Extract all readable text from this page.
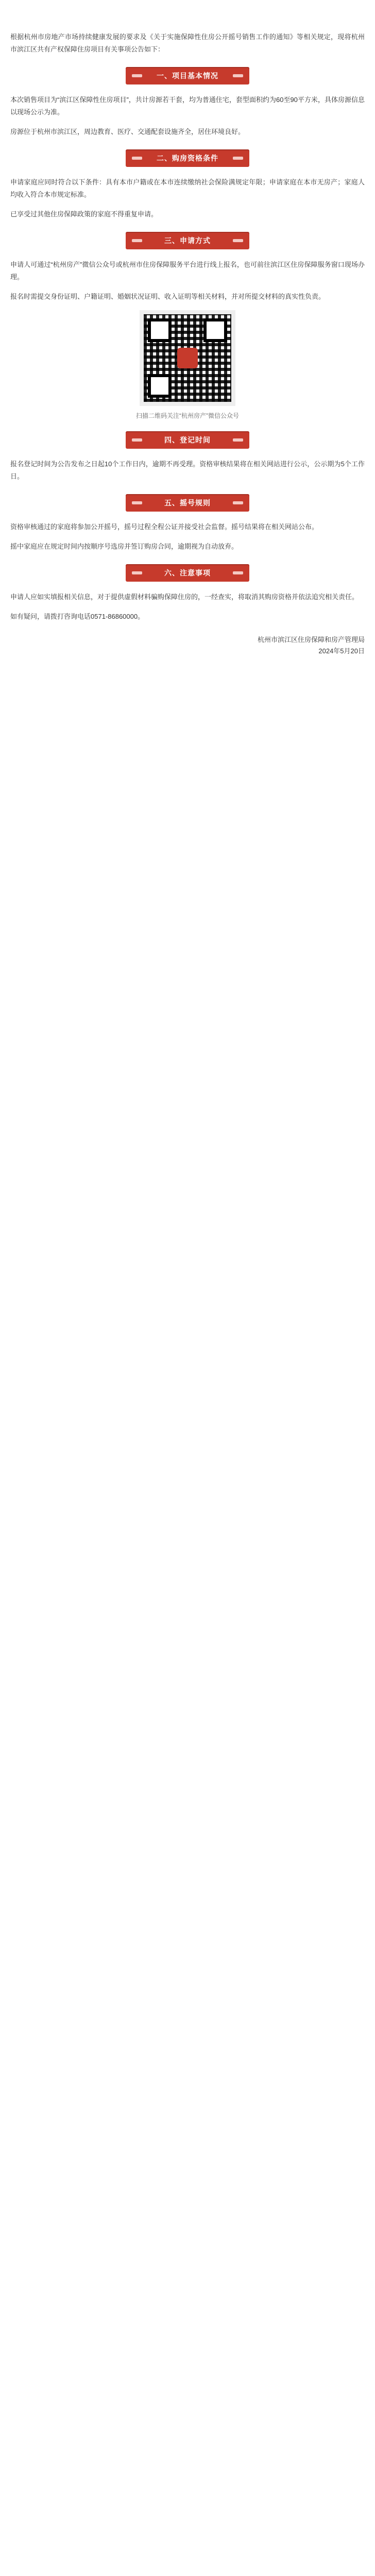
根据杭州市房地产市场持续健康发展的要求及《关于实施保障性住房公开摇号销售工作的通知》等相关规定，现将杭州市滨江区共有产权保障住房项目有关事项公告如下：

一、项目基本情况

本次销售项目为“滨江区保障性住房项目”，共计房源若干套，均为普通住宅，套型面积约为60至90平方米，具体房源信息以现场公示为准。

房源位于杭州市滨江区，周边教育、医疗、交通配套设施齐全，居住环境良好。

二、购房资格条件

申请家庭应同时符合以下条件：具有本市户籍或在本市连续缴纳社会保险满规定年限；申请家庭在本市无房产；家庭人均收入符合本市规定标准。

已享受过其他住房保障政策的家庭不得重复申请。

三、申请方式

申请人可通过“杭州房产”微信公众号或杭州市住房保障服务平台进行线上报名，也可前往滨江区住房保障服务窗口现场办理。

报名时需提交身份证明、户籍证明、婚姻状况证明、收入证明等相关材料，并对所提交材料的真实性负责。

扫描二维码关注“杭州房产”微信公众号
四、登记时间

报名登记时间为公告发布之日起10个工作日内，逾期不再受理。资格审核结果将在相关网站进行公示，公示期为5个工作日。

五、摇号规则

资格审核通过的家庭将参加公开摇号，摇号过程全程公证并接受社会监督。摇号结果将在相关网站公布。

摇中家庭应在规定时间内按顺序号选房并签订购房合同，逾期视为自动放弃。

六、注意事项

申请人应如实填报相关信息，对于提供虚假材料骗购保障住房的，一经查实，将取消其购房资格并依法追究相关责任。

如有疑问，请拨打咨询电话0571-86860000。

杭州市滨江区住房保障和房产管理局
2024年5月20日
